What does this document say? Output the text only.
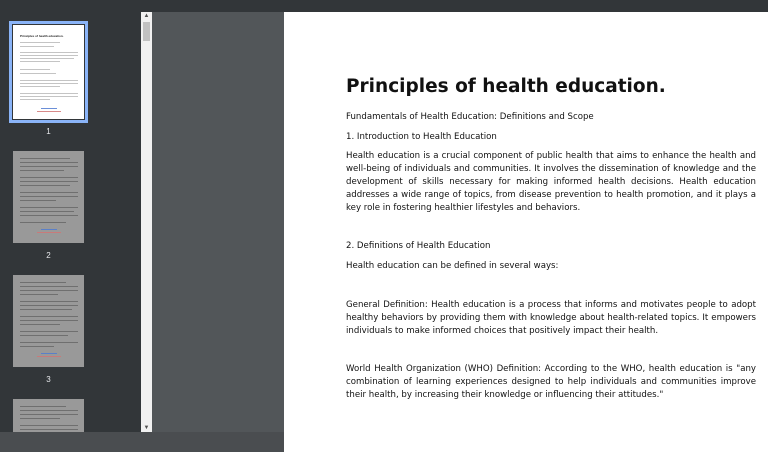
Principles of health education.
1
2
3
▲
▼
Principles of health education.
Fundamentals of Health Education: Definitions and Scope
1. Introduction to Health Education
Health education is a crucial component of public health that aims to enhance the health and well-being of individuals and communities. It involves the dissemination of knowledge and the development of skills necessary for making informed health decisions. Health education addresses a wide range of topics, from disease prevention to health promotion, and it plays a key role in fostering healthier lifestyles and behaviors.
2. Definitions of Health Education
Health education can be defined in several ways:
General Definition: Health education is a process that informs and motivates people to adopt healthy behaviors by providing them with knowledge about health-related topics. It empowers individuals to make informed choices that positively impact their health.
World Health Organization (WHO) Definition: According to the WHO, health education is "any combination of learning experiences designed to help individuals and communities improve their health, by increasing their knowledge or influencing their attitudes."
